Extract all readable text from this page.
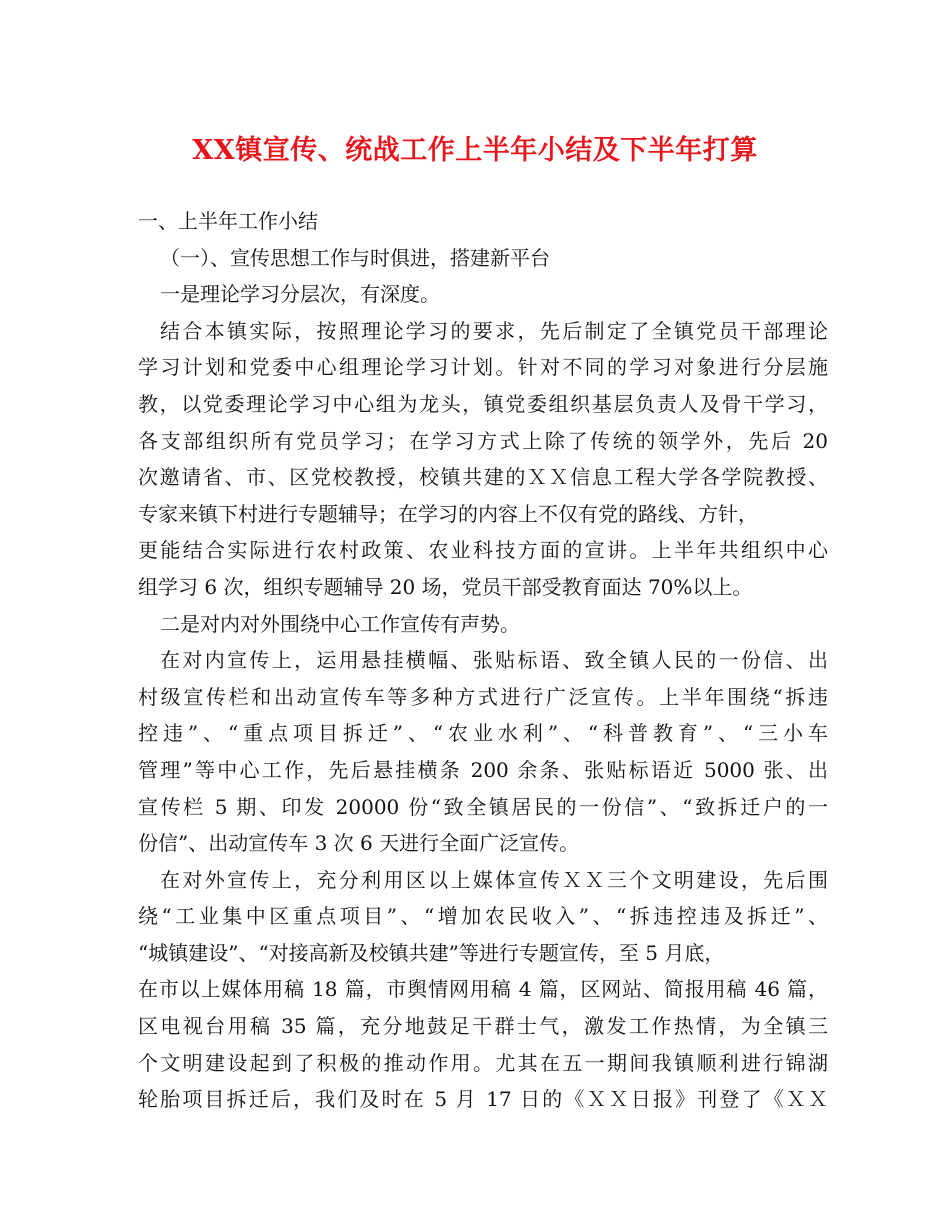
XX镇宣传、统战工作上半年小结及下半年打算
一、上半年工作小结
（一）、宣传思想工作与时俱进，搭建新平台
一是理论学习分层次，有深度。
结合本镇实际，按照理论学习的要求，先后制定了全镇党员干部理论
学习计划和党委中心组理论学习计划。针对不同的学习对象进行分层施
教，以党委理论学习中心组为龙头，镇党委组织基层负责人及骨干学习，
各支部组织所有党员学习；在学习方式上除了传统的领学外，先后 20
次邀请省、市、区党校教授，校镇共建的ＸＸ信息工程大学各学院教授、
专家来镇下村进行专题辅导；在学习的内容上不仅有党的路线、方针，
更能结合实际进行农村政策、农业科技方面的宣讲。上半年共组织中心
组学习 6 次，组织专题辅导 20 场，党员干部受教育面达 70%以上。
二是对内对外围绕中心工作宣传有声势。
在对内宣传上，运用悬挂横幅、张贴标语、致全镇人民的一份信、出
村级宣传栏和出动宣传车等多种方式进行广泛宣传。上半年围绕“拆违
控违”、“重点项目拆迁”、“农业水利”、“科普教育”、“三小车
管理”等中心工作，先后悬挂横条 200 余条、张贴标语近 5000 张、出
宣传栏 5 期、印发 20000 份“致全镇居民的一份信”、“致拆迁户的一
份信”、出动宣传车 3 次 6 天进行全面广泛宣传。
在对外宣传上，充分利用区以上媒体宣传ＸＸ三个文明建设，先后围
绕“工业集中区重点项目”、“增加农民收入”、“拆违控违及拆迁”、
“城镇建设”、“对接高新及校镇共建”等进行专题宣传，至 5 月底，
在市以上媒体用稿 18 篇，市舆情网用稿 4 篇，区网站、简报用稿 46 篇，
区电视台用稿 35 篇，充分地鼓足干群士气，激发工作热情，为全镇三
个文明建设起到了积极的推动作用。尤其在五一期间我镇顺利进行锦湖
轮胎项目拆迁后，我们及时在 5 月 17 日的《ＸＸ日报》刊登了《ＸＸ
